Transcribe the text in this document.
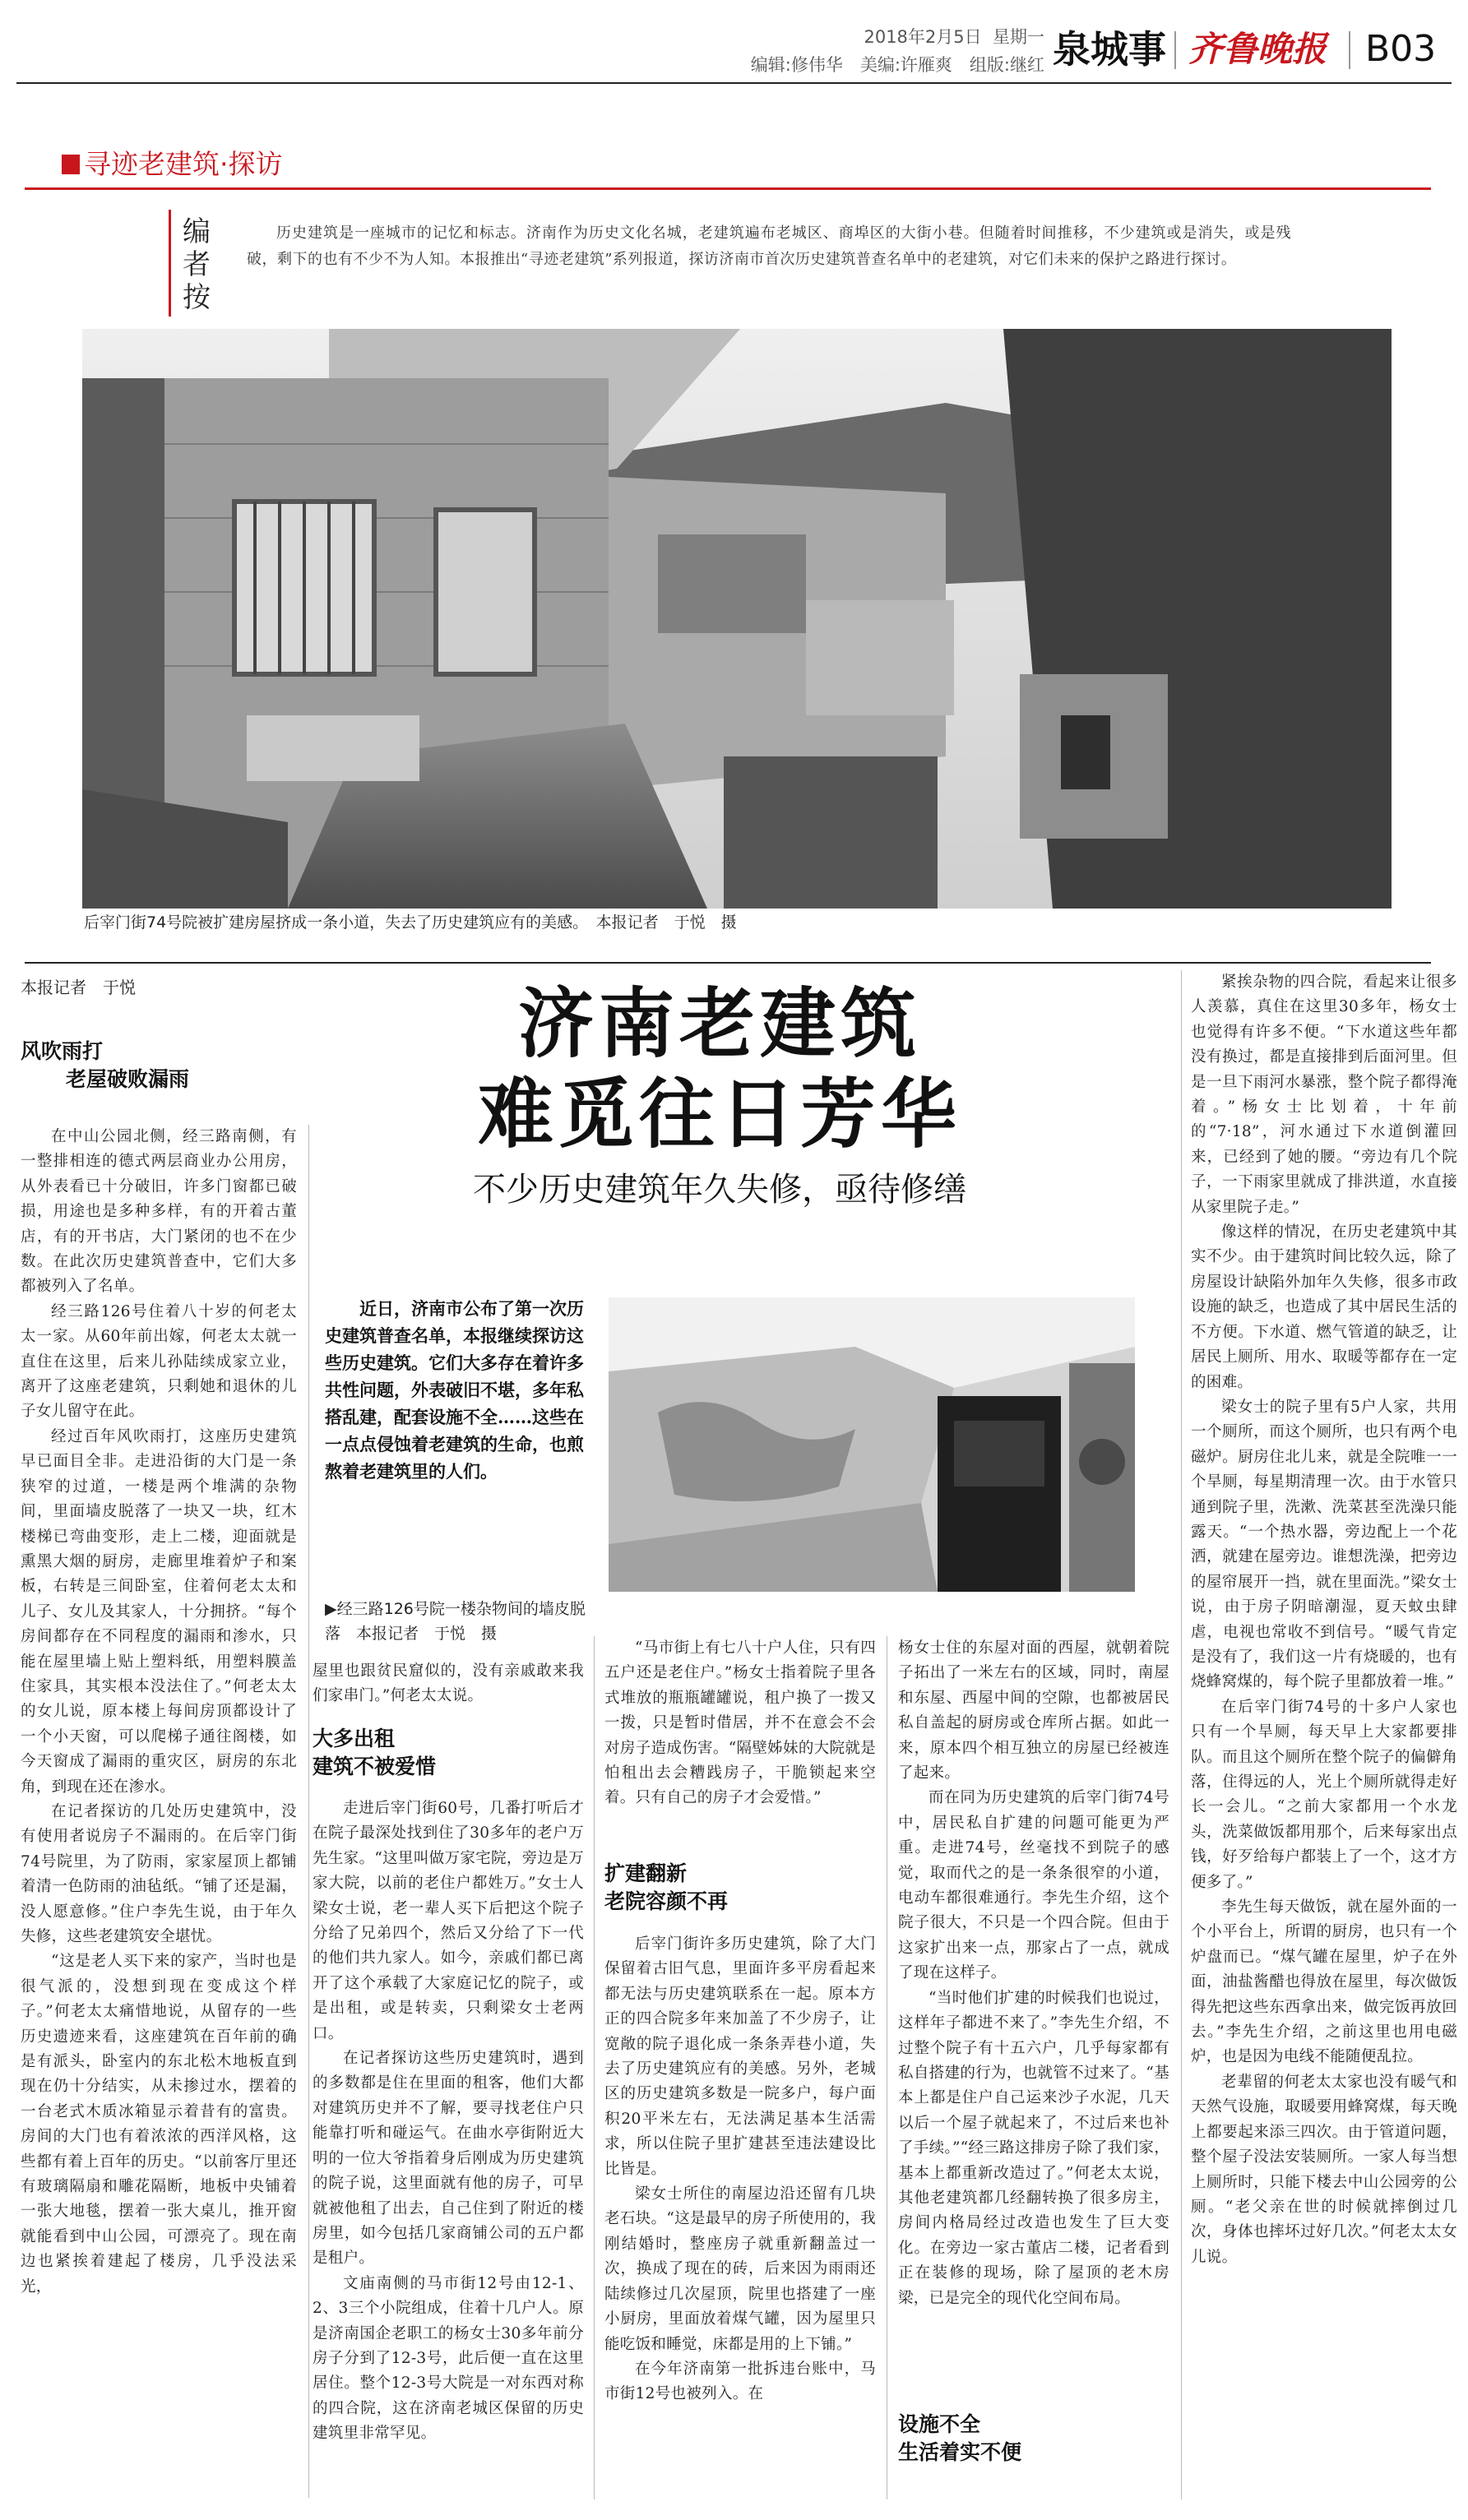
2018年2月5日 星期一
编辑:修伟华　美编:许雁爽　组版:继红 泉城事 齐鲁晚报 B03
寻迹老建筑·探访
编者按
历史建筑是一座城市的记忆和标志。济南作为历史文化名城，老建筑遍布老城区、商埠区的大街小巷。但随着时间推移，不少建筑或是消失，或是残破，剩下的也有不少不为人知。本报推出“寻迹老建筑”系列报道，探访济南市首次历史建筑普查名单中的老建筑，对它们未来的保护之路进行探讨。
后宰门街74号院被扩建房屋挤成一条小道，失去了历史建筑应有的美感。　本报记者　于悦　摄
本报记者　于悦
风吹雨打
老屋破败漏雨
济南老建筑
难觅往日芳华
不少历史建筑年久失修，亟待修缮

在中山公园北侧，经三路南侧，有一整排相连的德式两层商业办公用房，从外表看已十分破旧，许多门窗都已破损，用途也是多种多样，有的开着古董店，有的开书店，大门紧闭的也不在少数。在此次历史建筑普查中，它们大多都被列入了名单。

经三路126号住着八十岁的何老太太一家。从60年前出嫁，何老太太就一直住在这里，后来儿孙陆续成家立业，离开了这座老建筑，只剩她和退休的儿子女儿留守在此。

经过百年风吹雨打，这座历史建筑早已面目全非。走进沿街的大门是一条狭窄的过道，一楼是两个堆满的杂物间，里面墙皮脱落了一块又一块，红木楼梯已弯曲变形，走上二楼，迎面就是熏黑大烟的厨房，走廊里堆着炉子和案板，右转是三间卧室，住着何老太太和儿子、女儿及其家人，十分拥挤。“每个房间都存在不同程度的漏雨和渗水，只能在屋里墙上贴上塑料纸，用塑料膜盖住家具，其实根本没法住了。”何老太太的女儿说，原本楼上每间房顶都设计了一个小天窗，可以爬梯子通往阁楼，如今天窗成了漏雨的重灾区，厨房的东北角，到现在还在渗水。

在记者探访的几处历史建筑中，没有使用者说房子不漏雨的。在后宰门街74号院里，为了防雨，家家屋顶上都铺着清一色防雨的油毡纸。“铺了还是漏，没人愿意修。”住户李先生说，由于年久失修，这些老建筑安全堪忧。

“这是老人买下来的家产，当时也是很气派的，没想到现在变成这个样子。”何老太太痛惜地说，从留存的一些历史遗迹来看，这座建筑在百年前的确是有派头，卧室内的东北松木地板直到现在仍十分结实，从未掺过水，摆着的一台老式木质冰箱显示着昔有的富贵。房间的大门也有着浓浓的西洋风格，这些都有着上百年的历史。“以前客厅里还有玻璃隔扇和雕花隔断，地板中央铺着一张大地毯，摆着一张大桌儿，推开窗就能看到中山公园，可漂亮了。现在南边也紧挨着建起了楼房，几乎没法采光，

近日，济南市公布了第一次历史建筑普查名单，本报继续探访这些历史建筑。它们大多存在着许多共性问题，外表破旧不堪，多年私搭乱建，配套设施不全……这些在一点点侵蚀着老建筑的生命，也煎熬着老建筑里的人们。
▶经三路126号院一楼杂物间的墙皮脱落　本报记者　于悦　摄

屋里也跟贫民窟似的，没有亲戚敢来我们家串门。”何老太太说。

大多出租
建筑不被爱惜

走进后宰门街60号，几番打听后才在院子最深处找到住了30多年的老户万先生家。“这里叫做万家宅院，旁边是万家大院，以前的老住户都姓万。”女士人梁女士说，老一辈人买下后把这个院子分给了兄弟四个，然后又分给了下一代的他们共九家人。如今，亲戚们都已离开了这个承载了大家庭记忆的院子，或是出租，或是转卖，只剩梁女士老两口。

在记者探访这些历史建筑时，遇到的多数都是住在里面的租客，他们大都对建筑历史并不了解，要寻找老住户只能靠打听和碰运气。在曲水亭街附近大明的一位大爷指着身后刚成为历史建筑的院子说，这里面就有他的房子，可早就被他租了出去，自己住到了附近的楼房里，如今包括几家商铺公司的五户都是租户。

文庙南侧的马市街12号由12-1、2、3三个小院组成，住着十几户人。原是济南国企老职工的杨女士30多年前分房子分到了12-3号，此后便一直在这里居住。整个12-3号大院是一对东西对称的四合院，这在济南老城区保留的历史建筑里非常罕见。

“马市街上有七八十户人住，只有四五户还是老住户。”杨女士指着院子里各式堆放的瓶瓶罐罐说，租户换了一拨又一拨，只是暂时借居，并不在意会不会对房子造成伤害。“隔壁姊妹的大院就是怕租出去会糟践房子，干脆锁起来空着。只有自己的房子才会爱惜。”

扩建翻新
老院容颜不再

后宰门街许多历史建筑，除了大门保留着古旧气息，里面许多平房看起来都无法与历史建筑联系在一起。原本方正的四合院多年来加盖了不少房子，让宽敞的院子退化成一条条弄巷小道，失去了历史建筑应有的美感。另外，老城区的历史建筑多数是一院多户，每户面积20平米左右，无法满足基本生活需求，所以住院子里扩建甚至违法建设比比皆是。

梁女士所住的南屋边沿还留有几块老石块。“这是最早的房子所使用的，我刚结婚时，整座房子就重新翻盖过一次，换成了现在的砖，后来因为雨雨还陆续修过几次屋顶，院里也搭建了一座小厨房，里面放着煤气罐，因为屋里只能吃饭和睡觉，床都是用的上下铺。”

在今年济南第一批拆违台账中，马市街12号也被列入。在

杨女士住的东屋对面的西屋，就朝着院子拓出了一米左右的区域，同时，南屋和东屋、西屋中间的空隙，也都被居民私自盖起的厨房或仓库所占据。如此一来，原本四个相互独立的房屋已经被连了起来。

而在同为历史建筑的后宰门街74号中，居民私自扩建的问题可能更为严重。走进74号，丝毫找不到院子的感觉，取而代之的是一条条很窄的小道，电动车都很难通行。李先生介绍，这个院子很大，不只是一个四合院。但由于这家扩出来一点，那家占了一点，就成了现在这样子。

“当时他们扩建的时候我们也说过，这样年子都进不来了。”李先生介绍，不过整个院子有十五六户，几乎每家都有私自搭建的行为，也就管不过来了。“基本上都是住户自己运来沙子水泥，几天以后一个屋子就起来了，不过后来也补了手续。”“经三路这排房子除了我们家，基本上都重新改造过了。”何老太太说，其他老建筑都几经翻转换了很多房主，房间内格局经过改造也发生了巨大变化。在旁边一家古董店二楼，记者看到正在装修的现场，除了屋顶的老木房梁，已是完全的现代化空间布局。

设施不全
生活着实不便

紧挨杂物的四合院，看起来让很多人羡慕，真住在这里30多年，杨女士也觉得有许多不便。“下水道这些年都没有换过，都是直接排到后面河里。但是一旦下雨河水暴涨，整个院子都得淹着。”杨女士比划着，十年前的“7·18”，河水通过下水道倒灌回来，已经到了她的腰。“旁边有几个院子，一下雨家里就成了排洪道，水直接从家里院子走。”

像这样的情况，在历史老建筑中其实不少。由于建筑时间比较久远，除了房屋设计缺陷外加年久失修，很多市政设施的缺乏，也造成了其中居民生活的不方便。下水道、燃气管道的缺乏，让居民上厕所、用水、取暖等都存在一定的困难。

梁女士的院子里有5户人家，共用一个厕所，而这个厕所，也只有两个电磁炉。厨房住北儿来，就是全院唯一一个旱厕，每星期清理一次。由于水管只通到院子里，洗漱、洗菜甚至洗澡只能露天。“一个热水器，旁边配上一个花洒，就建在屋旁边。谁想洗澡，把旁边的屋帘展开一挡，就在里面洗。”梁女士说，由于房子阴暗潮湿，夏天蚊虫肆虐，电视也常收不到信号。“暖气肯定是没有了，我们这一片有烧暖的，也有烧蜂窝煤的，每个院子里都放着一堆。”

在后宰门街74号的十多户人家也只有一个旱厕，每天早上大家都要排队。而且这个厕所在整个院子的偏僻角落，住得远的人，光上个厕所就得走好长一会儿。“之前大家都用一个水龙头，洗菜做饭都用那个，后来每家出点钱，好歹给每户都装上了一个，这才方便多了。”

李先生每天做饭，就在屋外面的一个小平台上，所谓的厨房，也只有一个炉盘而已。“煤气罐在屋里，炉子在外面，油盐酱醋也得放在屋里，每次做饭得先把这些东西拿出来，做完饭再放回去。”李先生介绍，之前这里也用电磁炉，也是因为电线不能随便乱拉。

老辈留的何老太太家也没有暖气和天然气设施，取暖要用蜂窝煤，每天晚上都要起来添三四次。由于管道问题，整个屋子没法安装厕所。一家人每当想上厕所时，只能下楼去中山公园旁的公厕。“老父亲在世的时候就摔倒过几次，身体也摔坏过好几次。”何老太太女儿说。
